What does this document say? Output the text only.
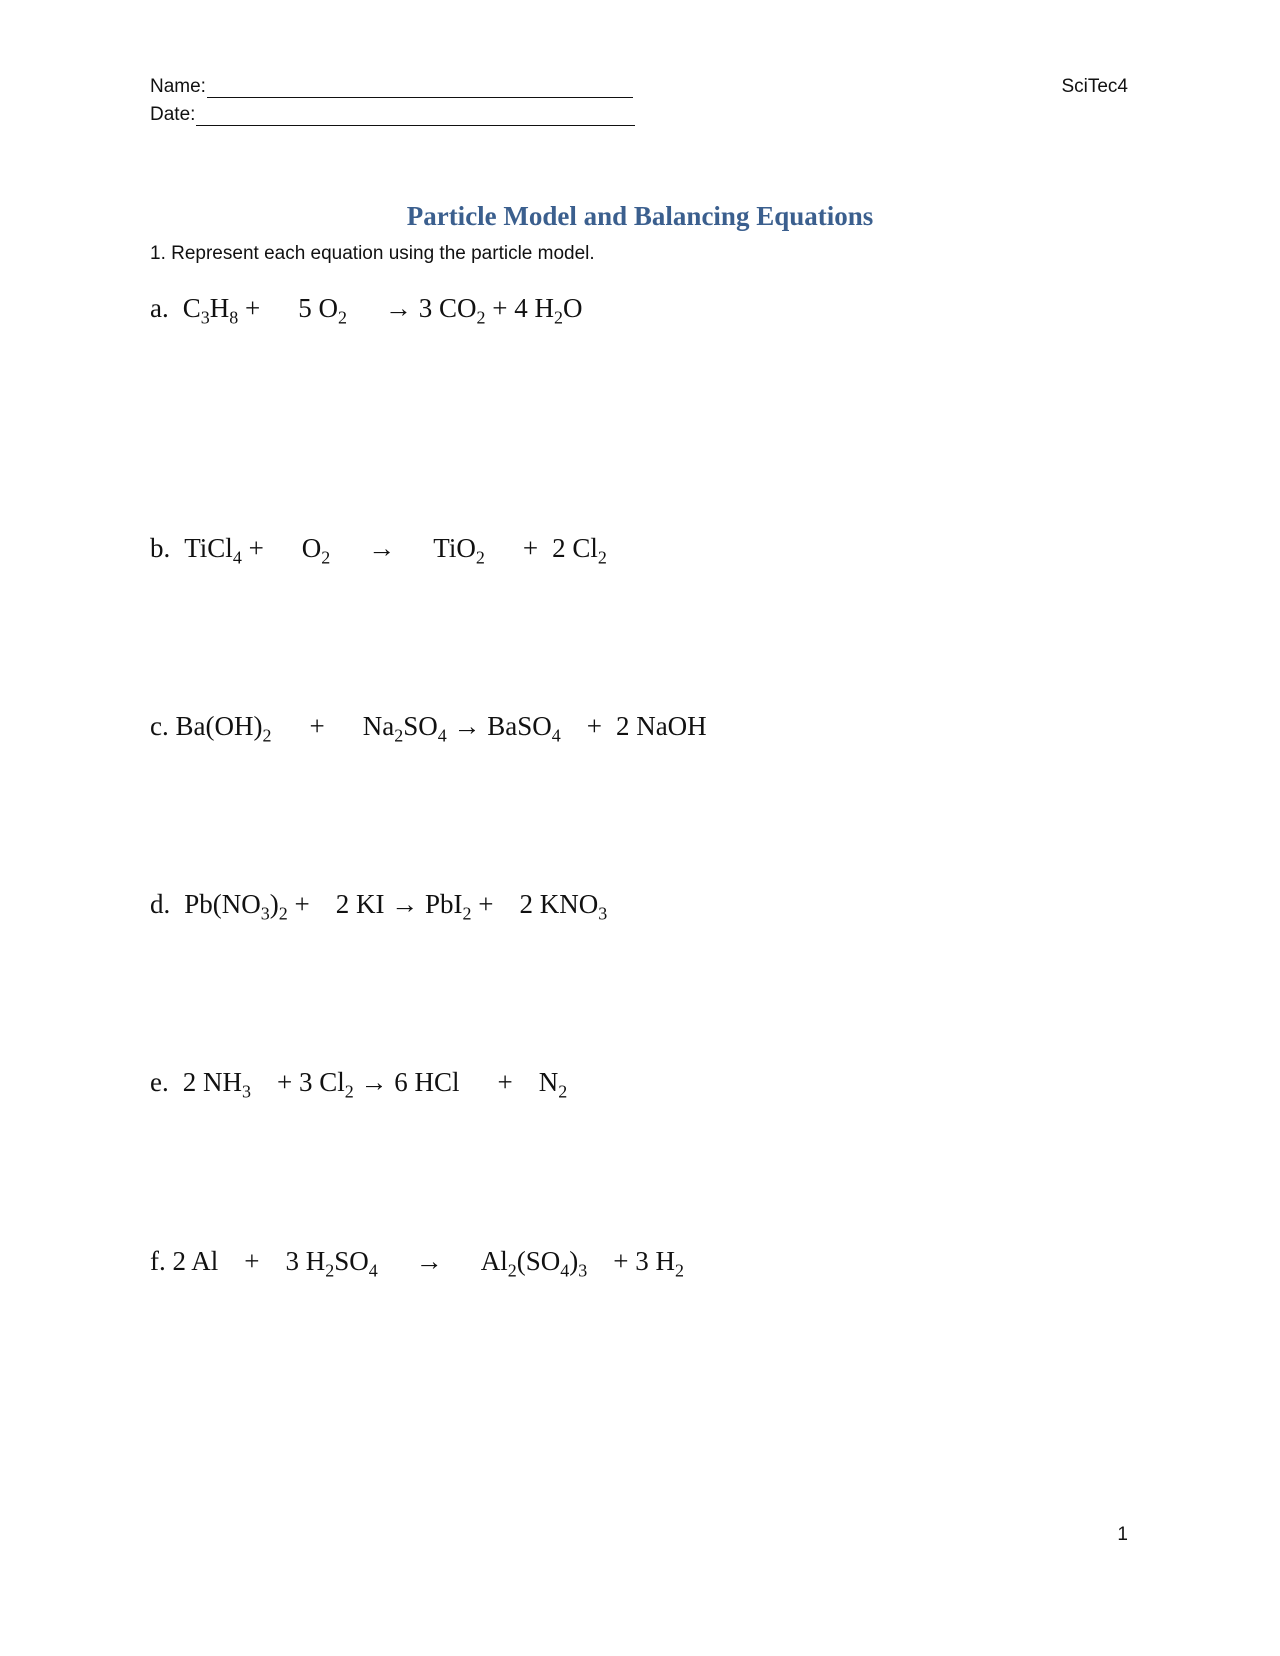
Name:
Date:
SciTec4
Particle Model and Balancing Equations
1. Represent each equation using the particle model.
a. $C_3H_8 + 5$ $O_2 \to 3$ $CO_2 + 4$ $H_2O$
b. TiCl$_4$ + $O_2 \to TiO_2 + 2$ $Cl_2$
c. $Ba(OH)_2 + Na_2SO_4$ → BaSO$_4$ + 2 NaOH
d. $Pb(NO_3)_2 + 2$ KI → PbI$_2$ + 2 $KNO_3$
e. 2 $NH_3 + 3$ $Cl_2 \to 6$ HCl + $N_2$
f. 2 Al + 3 $H_2SO_4 \to Al_2(SO_4)_3 + 3$ $H_2$
1
